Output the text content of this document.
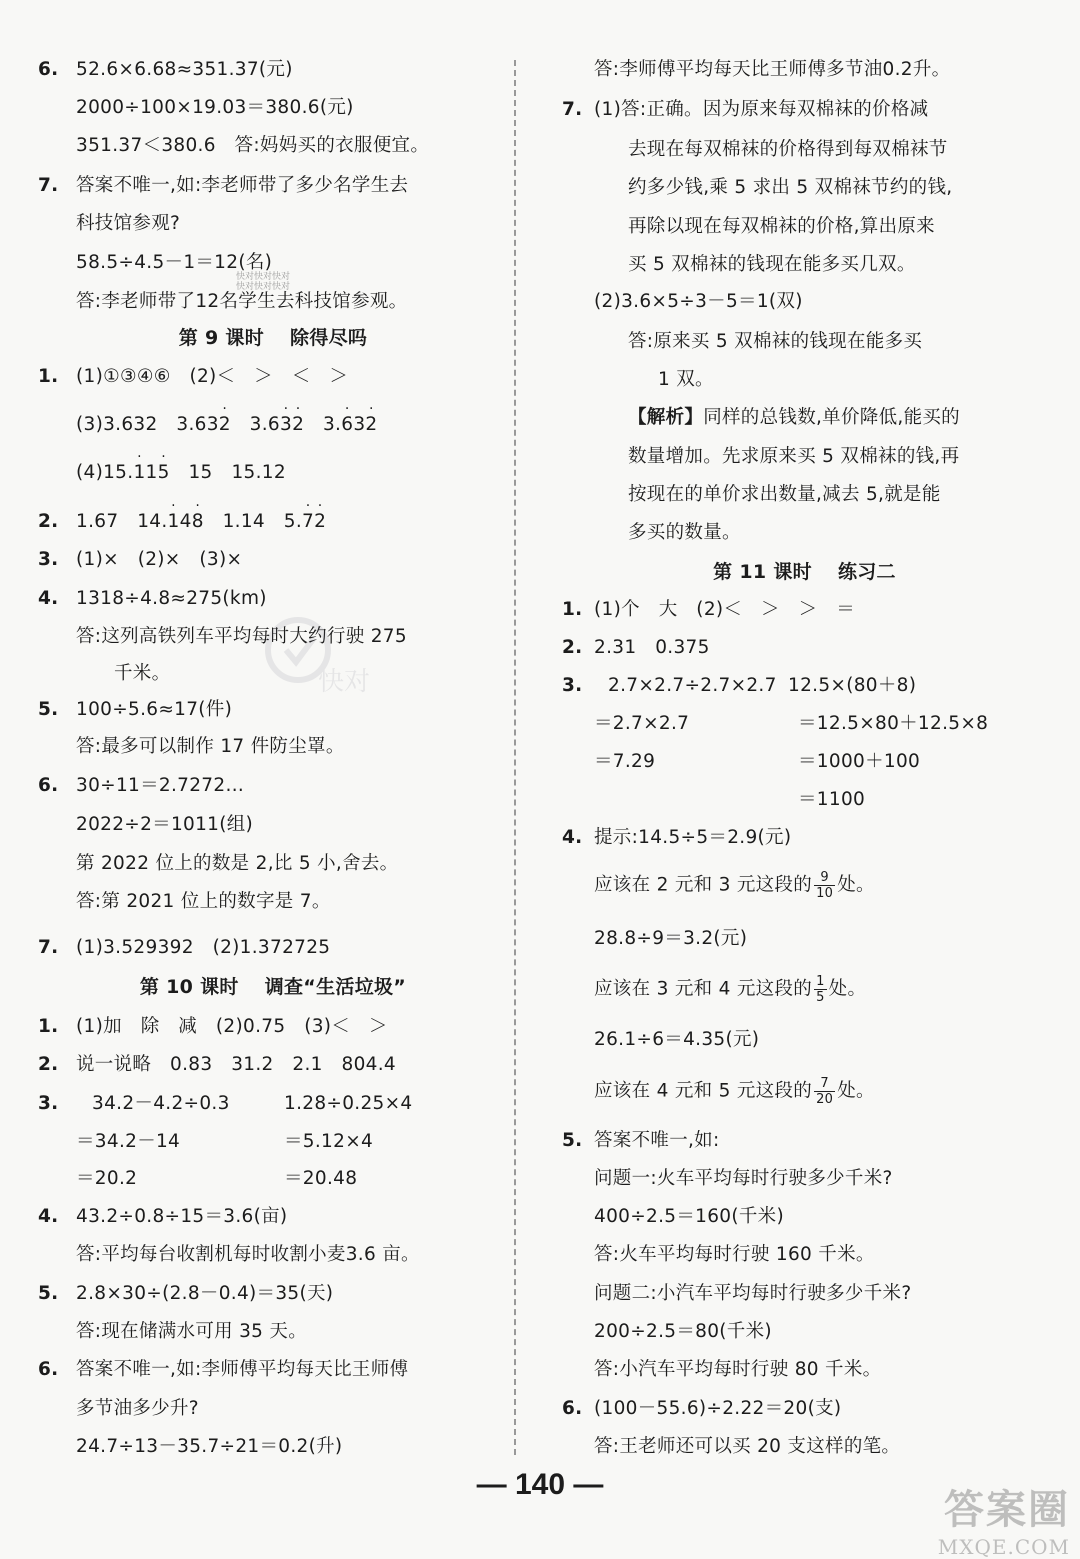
6. 52.6×6.68≈351.37(元)
2000÷100×19.03＝380.6(元)
351.37＜380.6　答:妈妈买的衣服便宜。
7. 答案不唯一,如:李老师带了多少名学生去
科技馆参观?
58.5÷4.5－1＝12(名)
答:李老师带了12名学生去科技馆参观。
第 9 课时 除得尽吗
1. (1)①③④⑥　(2)＜　＞　＜　＞
(3)3.632　3.63· 2　 3.6· 3· 2　 3.· 63· 2
(4)15.· 11· 5　 15　15.12
2. 1.67　14.· 14· 8　 1.14　5.· 7· 2
3. (1)×　(2)×　(3)×
4. 1318÷4.8≈275(km)
答:这列高铁列车平均每时大约行驶 275
千米。
5. 100÷5.6≈17(件)
答:最多可以制作 17 件防尘罩。
6. 30÷11＝2.7272…
2022÷2＝1011(组)
第 2022 位上的数是 2,比 5 小,舍去。
答:第 2021 位上的数字是 7。
7. (1)3.529392　(2)1.372725
第 10 课时 调查“生活垃圾”
1. (1)加　除　减　(2)0.75　(3)＜　＞
2. 说一说略　0.83　31.2　2.1　804.4
3. 34.2－4.2÷0.3	1.28÷0.25×4
＝34.2－14	＝5.12×4
＝20.2	＝20.48
4. 43.2÷0.8÷15＝3.6(亩)
答:平均每台收割机每时收割小麦3.6 亩。
5. 2.8×30÷(2.8－0.4)＝35(天)
答:现在储满水可用 35 天。
6. 答案不唯一,如:李师傅平均每天比王师傅
多节油多少升?
24.7÷13－35.7÷21＝0.2(升)
答:李师傅平均每天比王师傅多节油0.2升。
7. (1)答:正确。因为原来每双棉袜的价格减
去现在每双棉袜的价格得到每双棉袜节
约多少钱,乘 5 求出 5 双棉袜节约的钱,
再除以现在每双棉袜的价格,算出原来
买 5 双棉袜的钱现在能多买几双。
(2)3.6×5÷3－5＝1(双)
答:原来买 5 双棉袜的钱现在能多买
1 双。
【解析】同样的总钱数,单价降低,能买的
数量增加。先求原来买 5 双棉袜的钱,再
按现在的单价求出数量,减去 5,就是能
多买的数量。
第 11 课时 练习二
1. (1)个　大　(2)＜　＞　＞　＝
2. 2.31　0.375
3. 2.7×2.7÷2.7×2.7 12.5×(80＋8)
＝2.7×2.7	＝12.5×80＋12.5×8
＝7.29	＝1000＋100
＝1100
4. 提示:14.5÷5＝2.9(元)
应该在 2 元和 3 元这段的 $\frac{9}{10}$ 处。
28.8÷9＝3.2(元)
应该在 3 元和 4 元这段的 $\frac{1}{5}$ 处。
26.1÷6＝4.35(元)
应该在 4 元和 5 元这段的 $\frac{7}{20}$ 处。
5. 答案不唯一,如:
问题一:火车平均每时行驶多少千米?
400÷2.5＝160(千米)
答:火车平均每时行驶 160 千米。
问题二:小汽车平均每时行驶多少千米?
200÷2.5＝80(千米)
答:小汽车平均每时行驶 80 千米。
6. (100－55.6)÷2.22＝20(支)
答:王老师还可以买 20 支这样的笔。
— 140 —
快对快对快对
快对快对快对
快对
答案圈
MXQE.COM
